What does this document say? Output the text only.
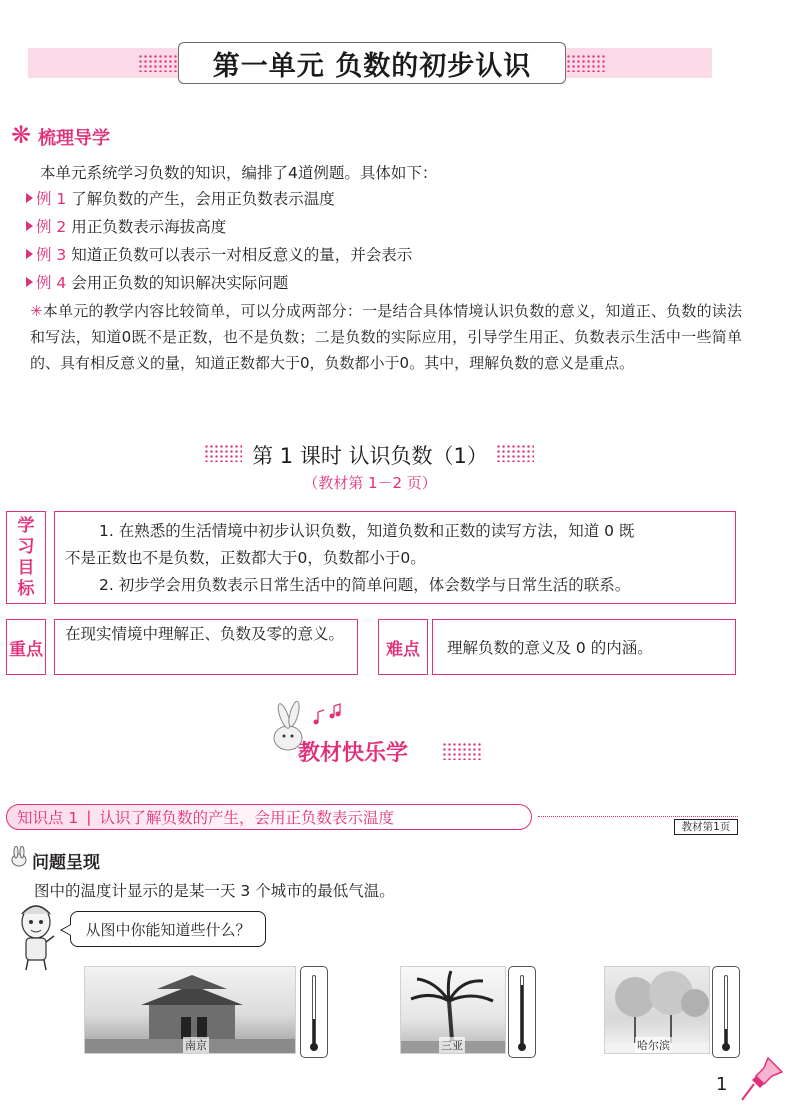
第一单元 负数的初步认识
❋ 梳理导学
本单元系统学习负数的知识，编排了4道例题。具体如下：
例 1 了解负数的产生，会用正负数表示温度
例 2 用正负数表示海拔高度
例 3 知道正负数可以表示一对相反意义的量，并会表示
例 4 会用正负数的知识解决实际问题
✳本单元的教学内容比较简单，可以分成两部分：一是结合具体情境认识负数的意义，知道正、负数的读法和写法，知道0既不是正数，也不是负数；二是负数的实际应用，引导学生用正、负数表示生活中一些简单的、具有相反意义的量，知道正数都大于0，负数都小于0。其中，理解负数的意义是重点。
第 1 课时 认识负数（1）
（教材第 1－2 页）
学
习
目
标
1. 在熟悉的生活情境中初步认识负数，知道负数和正数的读写方法，知道 0 既
不是正数也不是负数，正数都大于0，负数都小于0。
2. 初步学会用负数表示日常生活中的简单问题，体会数学与日常生活的联系。
重点
在现实情境中理解正、负数及零的意义。
难点	理解负数的意义及 0 的内涵。
教材快乐学
知识点 1 | 认识了解负数的产生，会用正负数表示温度	教材第1页
问题呈现
图中的温度计显示的是某一天 3 个城市的最低气温。
从图中你能知道些什么？
南京	三亚	哈尔滨
1
